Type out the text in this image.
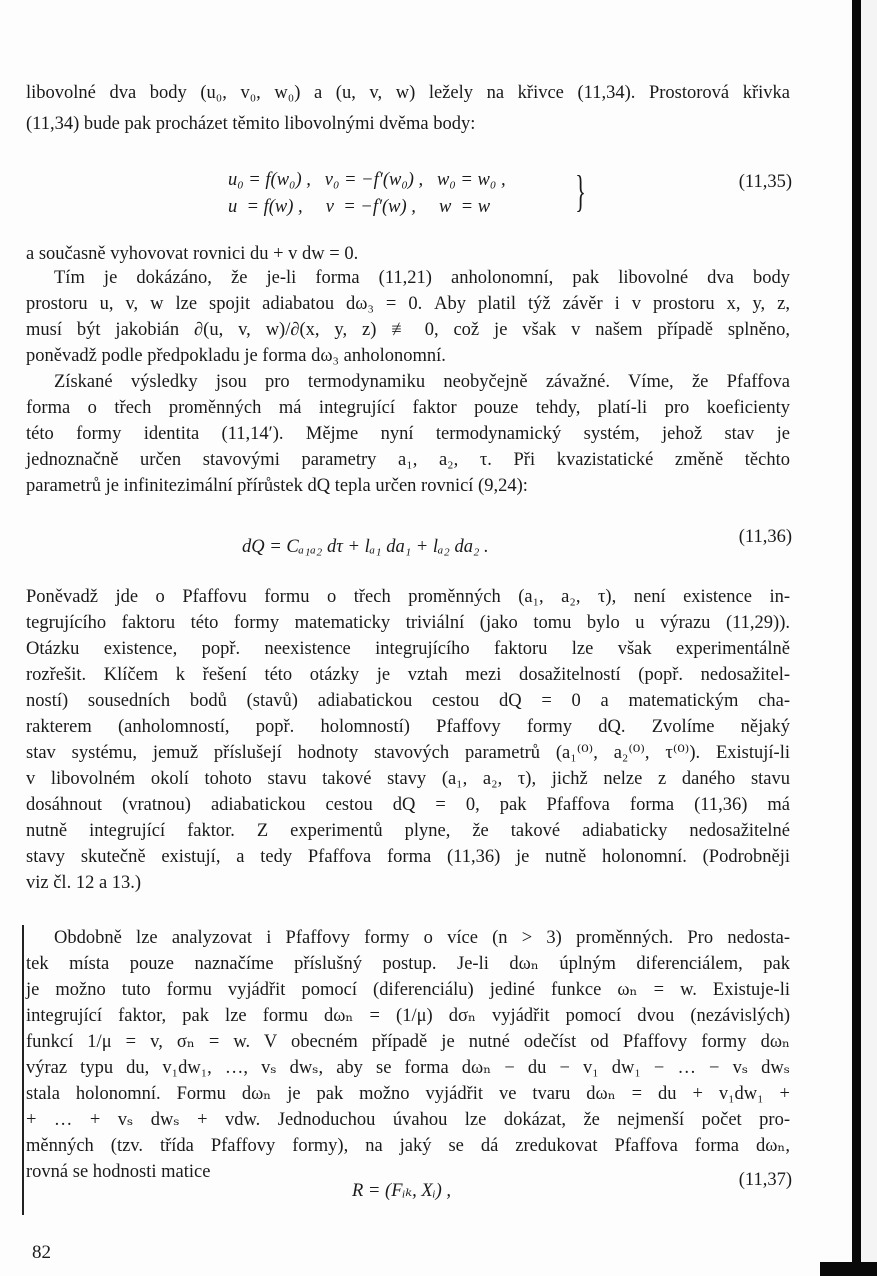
libovolné dva body (u₀, v₀, w₀) a (u, v, w) ležely na křivce (11,34). Prostorová křivka
(11,34) bude pak procházet těmito libovolnými dvěma body:
u₀ = f(w₀) ,   v₀ = −f′(w₀) ,   w₀ = w₀ ,
u  = f(w) ,     v  = −f′(w) ,     w  = w }	(11,35)
a současně vyhovovat rovnici du + v dw = 0.
Tím je dokázáno, že je-li forma (11,21) anholonomní, pak libovolné dva body
prostoru u, v, w lze spojit adiabatou dω₃ = 0. Aby platil týž závěr i v prostoru x, y, z,
musí být jakobián ∂(u, v, w)/∂(x, y, z) ≢ 0, což je však v našem případě splněno,
poněvadž podle předpokladu je forma dω₃ anholonomní.
Získané výsledky jsou pro termodynamiku neobyčejně závažné. Víme, že Pfaffova
forma o třech proměnných má integrující faktor pouze tehdy, platí-li pro koeficienty
této formy identita (11,14′). Mějme nyní termodynamický systém, jehož stav je
jednoznačně určen stavovými parametry a₁, a₂, τ. Při kvazistatické změně těchto
parametrů je infinitezimální přírůstek dQ tepla určen rovnicí (9,24):
dQ = Cₐ₁ₐ₂ dτ + lₐ₁ da₁ + lₐ₂ da₂ .	(11,36)
Poněvadž jde o Pfaffovu formu o třech proměnných (a₁, a₂, τ), není existence in-
tegrujícího faktoru této formy matematicky triviální (jako tomu bylo u výrazu (11,29)).
Otázku existence, popř. neexistence integrujícího faktoru lze však experimentálně
rozřešit. Klíčem k řešení této otázky je vztah mezi dosažitelností (popř. nedosažitel-
ností) sousedních bodů (stavů) adiabatickou cestou dQ = 0 a matematickým cha-
rakterem (anholomností, popř. holomností) Pfaffovy formy dQ. Zvolíme nějaký
stav systému, jemuž příslušejí hodnoty stavových parametrů (a₁⁽⁰⁾, a₂⁽⁰⁾, τ⁽⁰⁾). Existují-li
v libovolném okolí tohoto stavu takové stavy (a₁, a₂, τ), jichž nelze z daného stavu
dosáhnout (vratnou) adiabatickou cestou dQ = 0, pak Pfaffova forma (11,36) má
nutně integrující faktor. Z experimentů plyne, že takové adiabaticky nedosažitelné
stavy skutečně existují, a tedy Pfaffova forma (11,36) je nutně holonomní. (Podrobněji
viz čl. 12 a 13.)
Obdobně lze analyzovat i Pfaffovy formy o více (n > 3) proměnných. Pro nedosta-
tek místa pouze naznačíme příslušný postup. Je-li dωₙ úplným diferenciálem, pak
je možno tuto formu vyjádřit pomocí (diferenciálu) jediné funkce ωₙ = w. Existuje-li
integrující faktor, pak lze formu dωₙ = (1/μ) dσₙ vyjádřit pomocí dvou (nezávislých)
funkcí 1/μ = v, σₙ = w. V obecném případě je nutné odečíst od Pfaffovy formy dωₙ
výraz typu du, v₁dw₁, …, vₛ dwₛ, aby se forma dωₙ − du − v₁ dw₁ − … − vₛ dwₛ
stala holonomní. Formu dωₙ je pak možno vyjádřit ve tvaru dωₙ = du + v₁dw₁ +
+ … + vₛ dwₛ + vdw. Jednoduchou úvahou lze dokázat, že nejmenší počet pro-
měnných (tzv. třída Pfaffovy formy), na jaký se dá zredukovat Pfaffova forma dωₙ,
rovná se hodnosti matice
R = (Fᵢₖ, Xᵢ) ,
(11,37)
82
